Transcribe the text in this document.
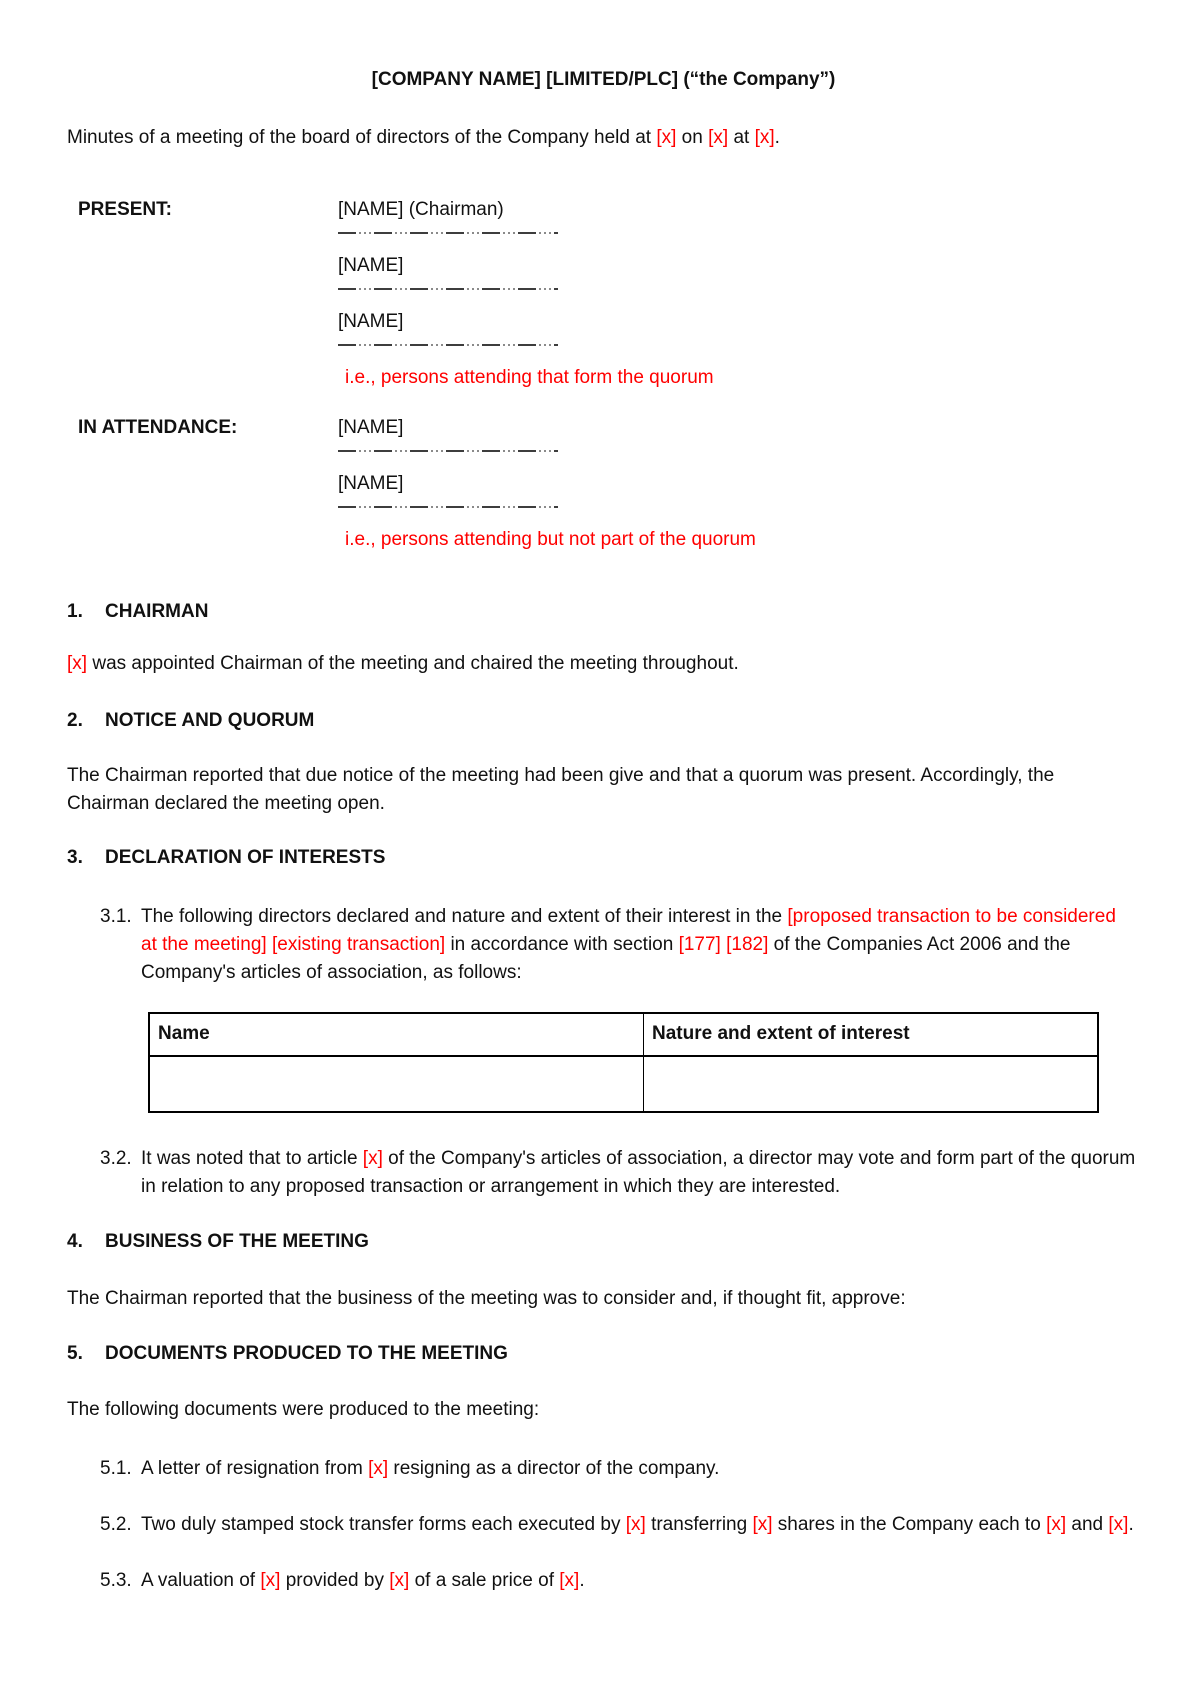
[COMPANY NAME] [LIMITED/PLC] (“the Company”)
Minutes of a meeting of the board of directors of the Company held at [x] on [x] at [x].
PRESENT:	[NAME] (Chairman)
[NAME]
[NAME]
i.e., persons attending that form the quorum
IN ATTENDANCE:	[NAME]
[NAME]
i.e., persons attending but not part of the quorum
1.	CHAIRMAN
[x] was appointed Chairman of the meeting and chaired the meeting throughout.
2.	NOTICE AND QUORUM
The Chairman reported that due notice of the meeting had been give and that a quorum was present. Accordingly, the Chairman declared the meeting open.
3.	DECLARATION OF INTERESTS
3.1. The following directors declared and nature and extent of their interest in the [proposed transaction to be considered at the meeting] [existing transaction] in accordance with section [177] [182] of the Companies Act 2006 and the Company's articles of association, as follows:
Name	Nature and extent of interest

3.2. It was noted that to article [x] of the Company's articles of association, a director may vote and form part of the quorum in relation to any proposed transaction or arrangement in which they are interested.
4.	BUSINESS OF THE MEETING
The Chairman reported that the business of the meeting was to consider and, if thought fit, approve:
5.	DOCUMENTS PRODUCED TO THE MEETING
The following documents were produced to the meeting:
5.1. A letter of resignation from [x] resigning as a director of the company.
5.2. Two duly stamped stock transfer forms each executed by [x] transferring [x] shares in the Company each to [x] and [x].
5.3. A valuation of [x] provided by [x] of a sale price of [x].
